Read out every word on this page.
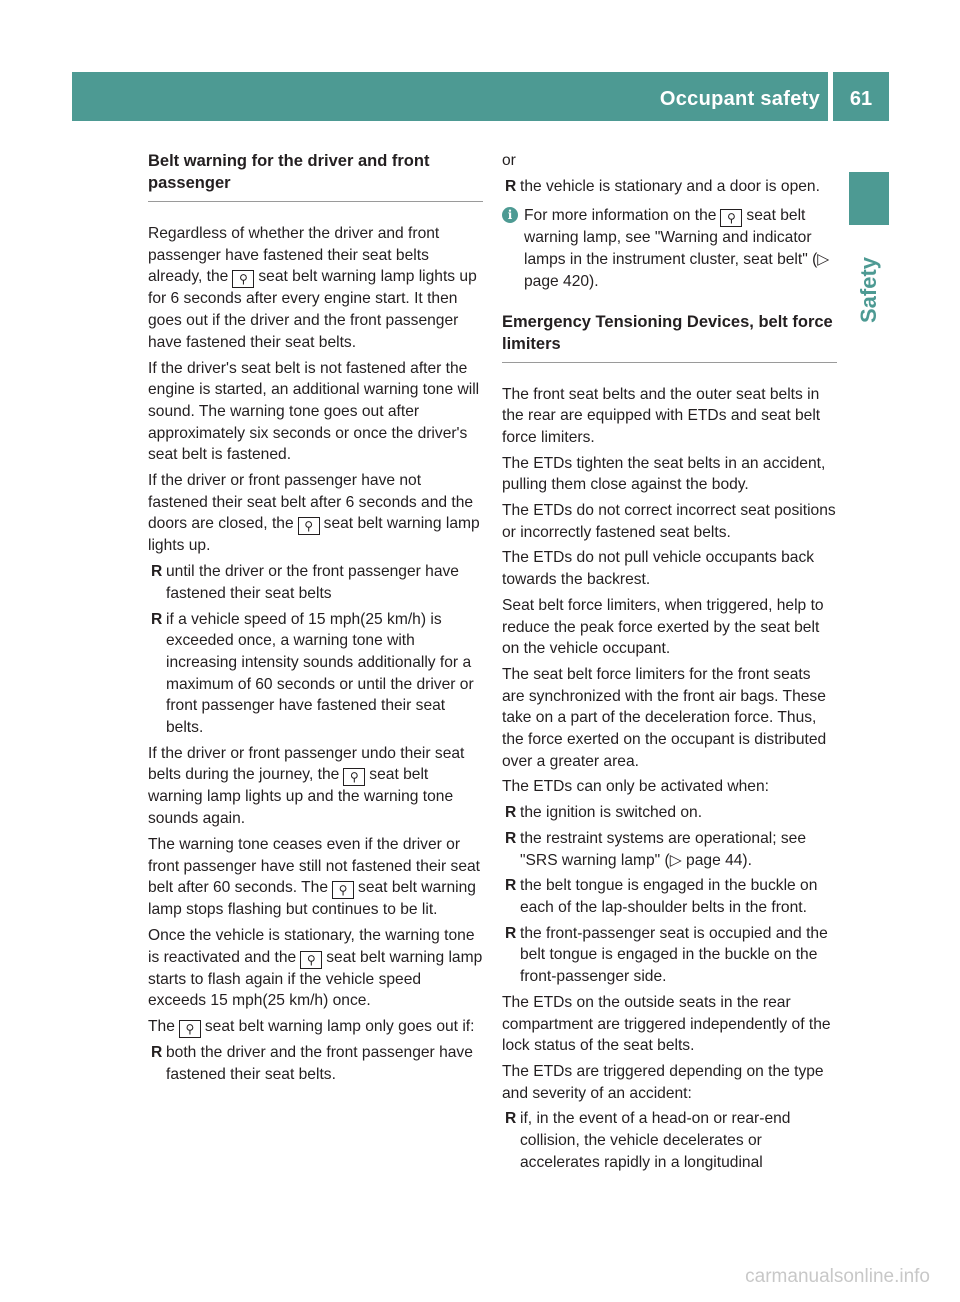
Occupant safety	61
Safety
Belt warning for the driver and front passenger

Regardless of whether the driver and front passenger have fastened their seat belts already, the ⚲ seat belt warning lamp lights up for 6 seconds after every engine start. It then goes out if the driver and the front passenger have fastened their seat belts.

If the driver's seat belt is not fastened after the engine is started, an additional warning tone will sound. The warning tone goes out after approximately six seconds or once the driver's seat belt is fastened.

If the driver or front passenger have not fastened their seat belt after 6 seconds and the doors are closed, the ⚲ seat belt warning lamp lights up.

R until the driver or the front passenger have fastened their seat belts
R if a vehicle speed of 15 mph(25 km/h) is exceeded once, a warning tone with increasing intensity sounds additionally for a maximum of 60 seconds or until the driver or front passenger have fastened their seat belts.

If the driver or front passenger undo their seat belts during the journey, the ⚲ seat belt warning lamp lights up and the warning tone sounds again.

The warning tone ceases even if the driver or front passenger have still not fastened their seat belt after 60 seconds. The ⚲ seat belt warning lamp stops flashing but continues to be lit.

Once the vehicle is stationary, the warning tone is reactivated and the ⚲ seat belt warning lamp starts to flash again if the vehicle speed exceeds 15 mph(25 km/h) once.

The ⚲ seat belt warning lamp only goes out if:

R both the driver and the front passenger have fastened their seat belts.

or

R the vehicle is stationary and a door is open.
i For more information on the ⚲ seat belt warning lamp, see "Warning and indicator lamps in the instrument cluster, seat belt" (▷ page 420).
Emergency Tensioning Devices, belt force limiters

The front seat belts and the outer seat belts in the rear are equipped with ETDs and seat belt force limiters.

The ETDs tighten the seat belts in an accident, pulling them close against the body.

The ETDs do not correct incorrect seat positions or incorrectly fastened seat belts.

The ETDs do not pull vehicle occupants back towards the backrest.

Seat belt force limiters, when triggered, help to reduce the peak force exerted by the seat belt on the vehicle occupant.

The seat belt force limiters for the front seats are synchronized with the front air bags. These take on a part of the deceleration force. Thus, the force exerted on the occupant is distributed over a greater area.

The ETDs can only be activated when:

R the ignition is switched on.
R the restraint systems are operational; see "SRS warning lamp" (▷ page 44).
R the belt tongue is engaged in the buckle on each of the lap-shoulder belts in the front.
R the front-passenger seat is occupied and the belt tongue is engaged in the buckle on the front-passenger side.

The ETDs on the outside seats in the rear compartment are triggered independently of the lock status of the seat belts.

The ETDs are triggered depending on the type and severity of an accident:

R if, in the event of a head-on or rear-end collision, the vehicle decelerates or accelerates rapidly in a longitudinal
carmanualsonline.info
